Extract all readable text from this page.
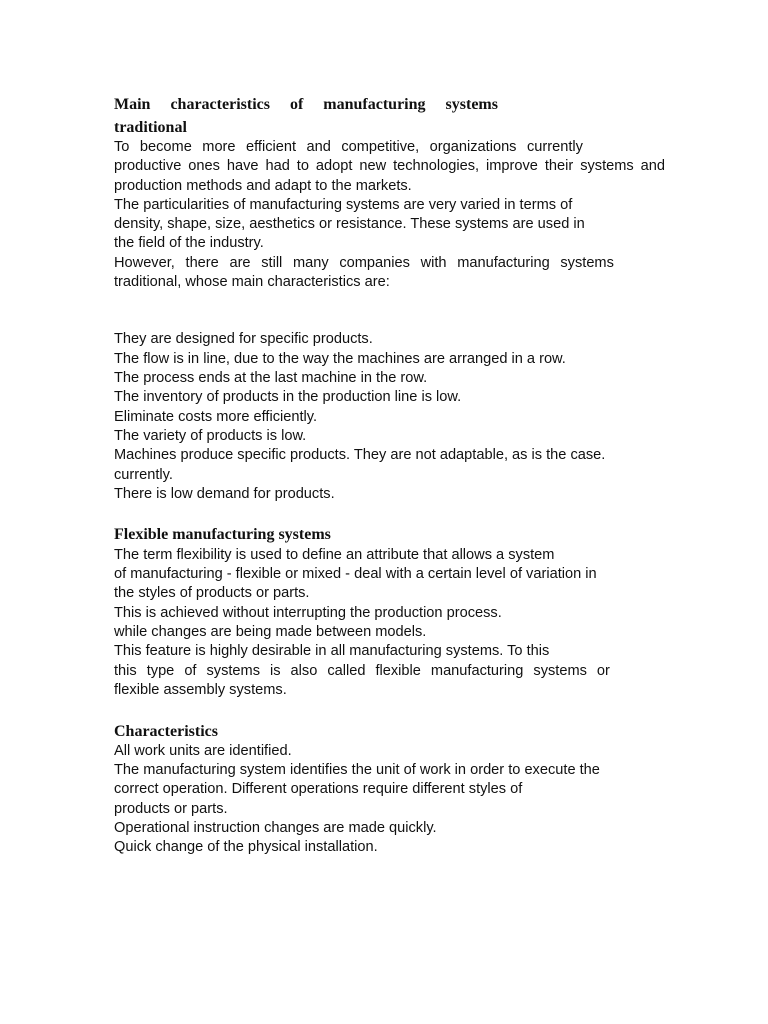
Main characteristics of manufacturing systems
traditional
To become more efficient and competitive, organizations currently
productive ones have had to adopt new technologies, improve their systems and
production methods and adapt to the markets.
The particularities of manufacturing systems are very varied in terms of
density, shape, size, aesthetics or resistance. These systems are used in
the field of the industry.
However, there are still many companies with manufacturing systems
traditional, whose main characteristics are:
They are designed for specific products.
The flow is in line, due to the way the machines are arranged in a row.
The process ends at the last machine in the row.
The inventory of products in the production line is low.
Eliminate costs more efficiently.
The variety of products is low.
Machines produce specific products. They are not adaptable, as is the case.
currently.
There is low demand for products.
Flexible manufacturing systems
The term flexibility is used to define an attribute that allows a system
of manufacturing - flexible or mixed - deal with a certain level of variation in
the styles of products or parts.
This is achieved without interrupting the production process.
while changes are being made between models.
This feature is highly desirable in all manufacturing systems. To this
this type of systems is also called flexible manufacturing systems or
flexible assembly systems.
Characteristics
All work units are identified.
The manufacturing system identifies the unit of work in order to execute the
correct operation. Different operations require different styles of
products or parts.
Operational instruction changes are made quickly.
Quick change of the physical installation.
